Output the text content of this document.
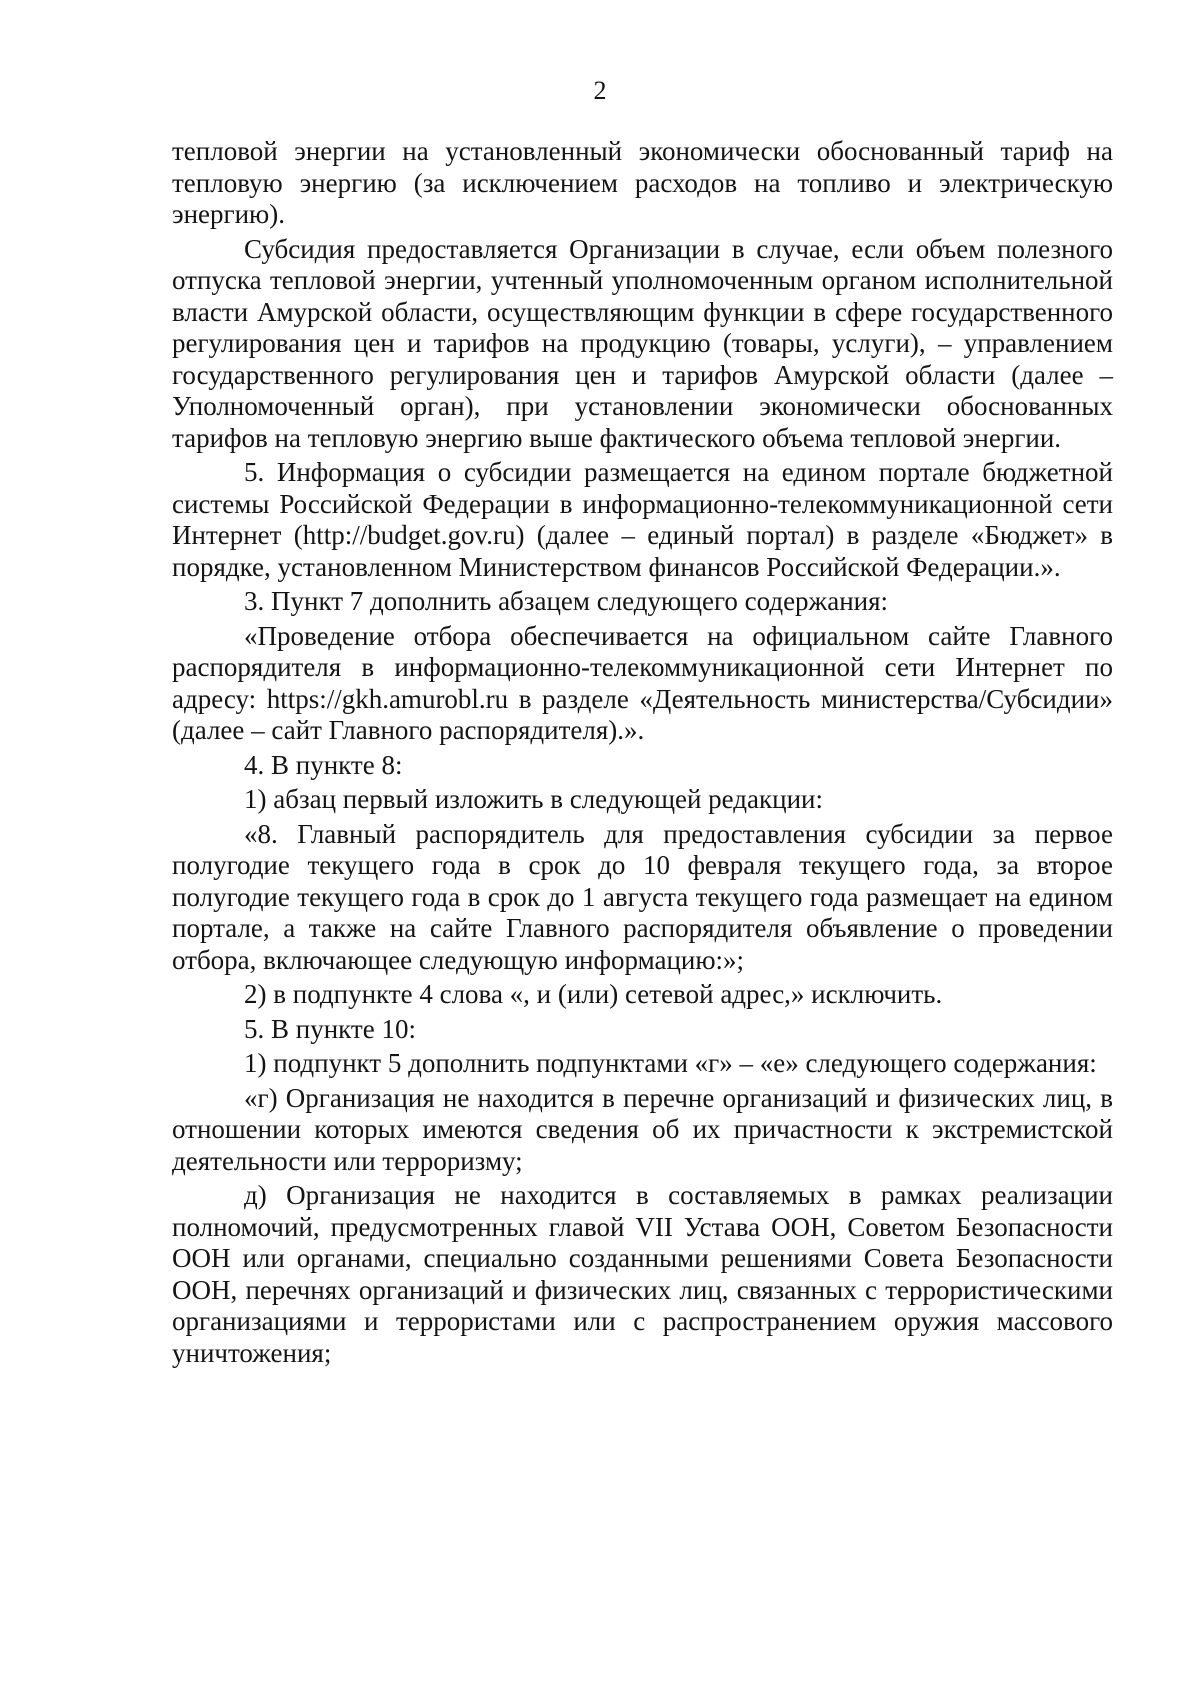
2

тепловой энергии на установленный экономически обоснованный тариф на тепловую энергию (за исключением расходов на топливо и электрическую энергию).

Субсидия предоставляется Организации в случае, если объем полезного отпуска тепловой энергии, учтенный уполномоченным органом исполнительной власти Амурской области, осуществляющим функции в сфере государственного регулирования цен и тарифов на продукцию (товары, услуги), – управлением государственного регулирования цен и тарифов Амурской области (далее – Уполномоченный орган), при установлении экономически обоснованных тарифов на тепловую энергию выше фактического объема тепловой энергии.

5. Информация о субсидии размещается на едином портале бюджетной системы Российской Федерации в информационно-телекоммуникационной сети Интернет (http://budget.gov.ru) (далее – единый портал) в разделе «Бюджет» в порядке, установленном Министерством финансов Российской Федерации.».

3. Пункт 7 дополнить абзацем следующего содержания:

«Проведение отбора обеспечивается на официальном сайте Главного распорядителя в информационно-телекоммуникационной сети Интернет по адресу: https://gkh.amurobl.ru в разделе «Деятельность министерства/Субсидии» (далее – сайт Главного распорядителя).».

4. В пункте 8:

1) абзац первый изложить в следующей редакции:

«8. Главный распорядитель для предоставления субсидии за первое полугодие текущего года в срок до 10 февраля текущего года, за второе полугодие текущего года в срок до 1 августа текущего года размещает на едином портале, а также на сайте Главного распорядителя объявление о проведении отбора, включающее следующую информацию:»;

2) в подпункте 4 слова «, и (или) сетевой адрес,» исключить.

5. В пункте 10:

1) подпункт 5 дополнить подпунктами «г» – «е» следующего содержания:

«г) Организация не находится в перечне организаций и физических лиц, в отношении которых имеются сведения об их причастности к экстремистской деятельности или терроризму;

д) Организация не находится в составляемых в рамках реализации полномочий, предусмотренных главой VII Устава ООН, Советом Безопасности ООН или органами, специально созданными решениями Совета Безопасности ООН, перечнях организаций и физических лиц, связанных с террористическими организациями и террористами или с распространением оружия массового уничтожения;
